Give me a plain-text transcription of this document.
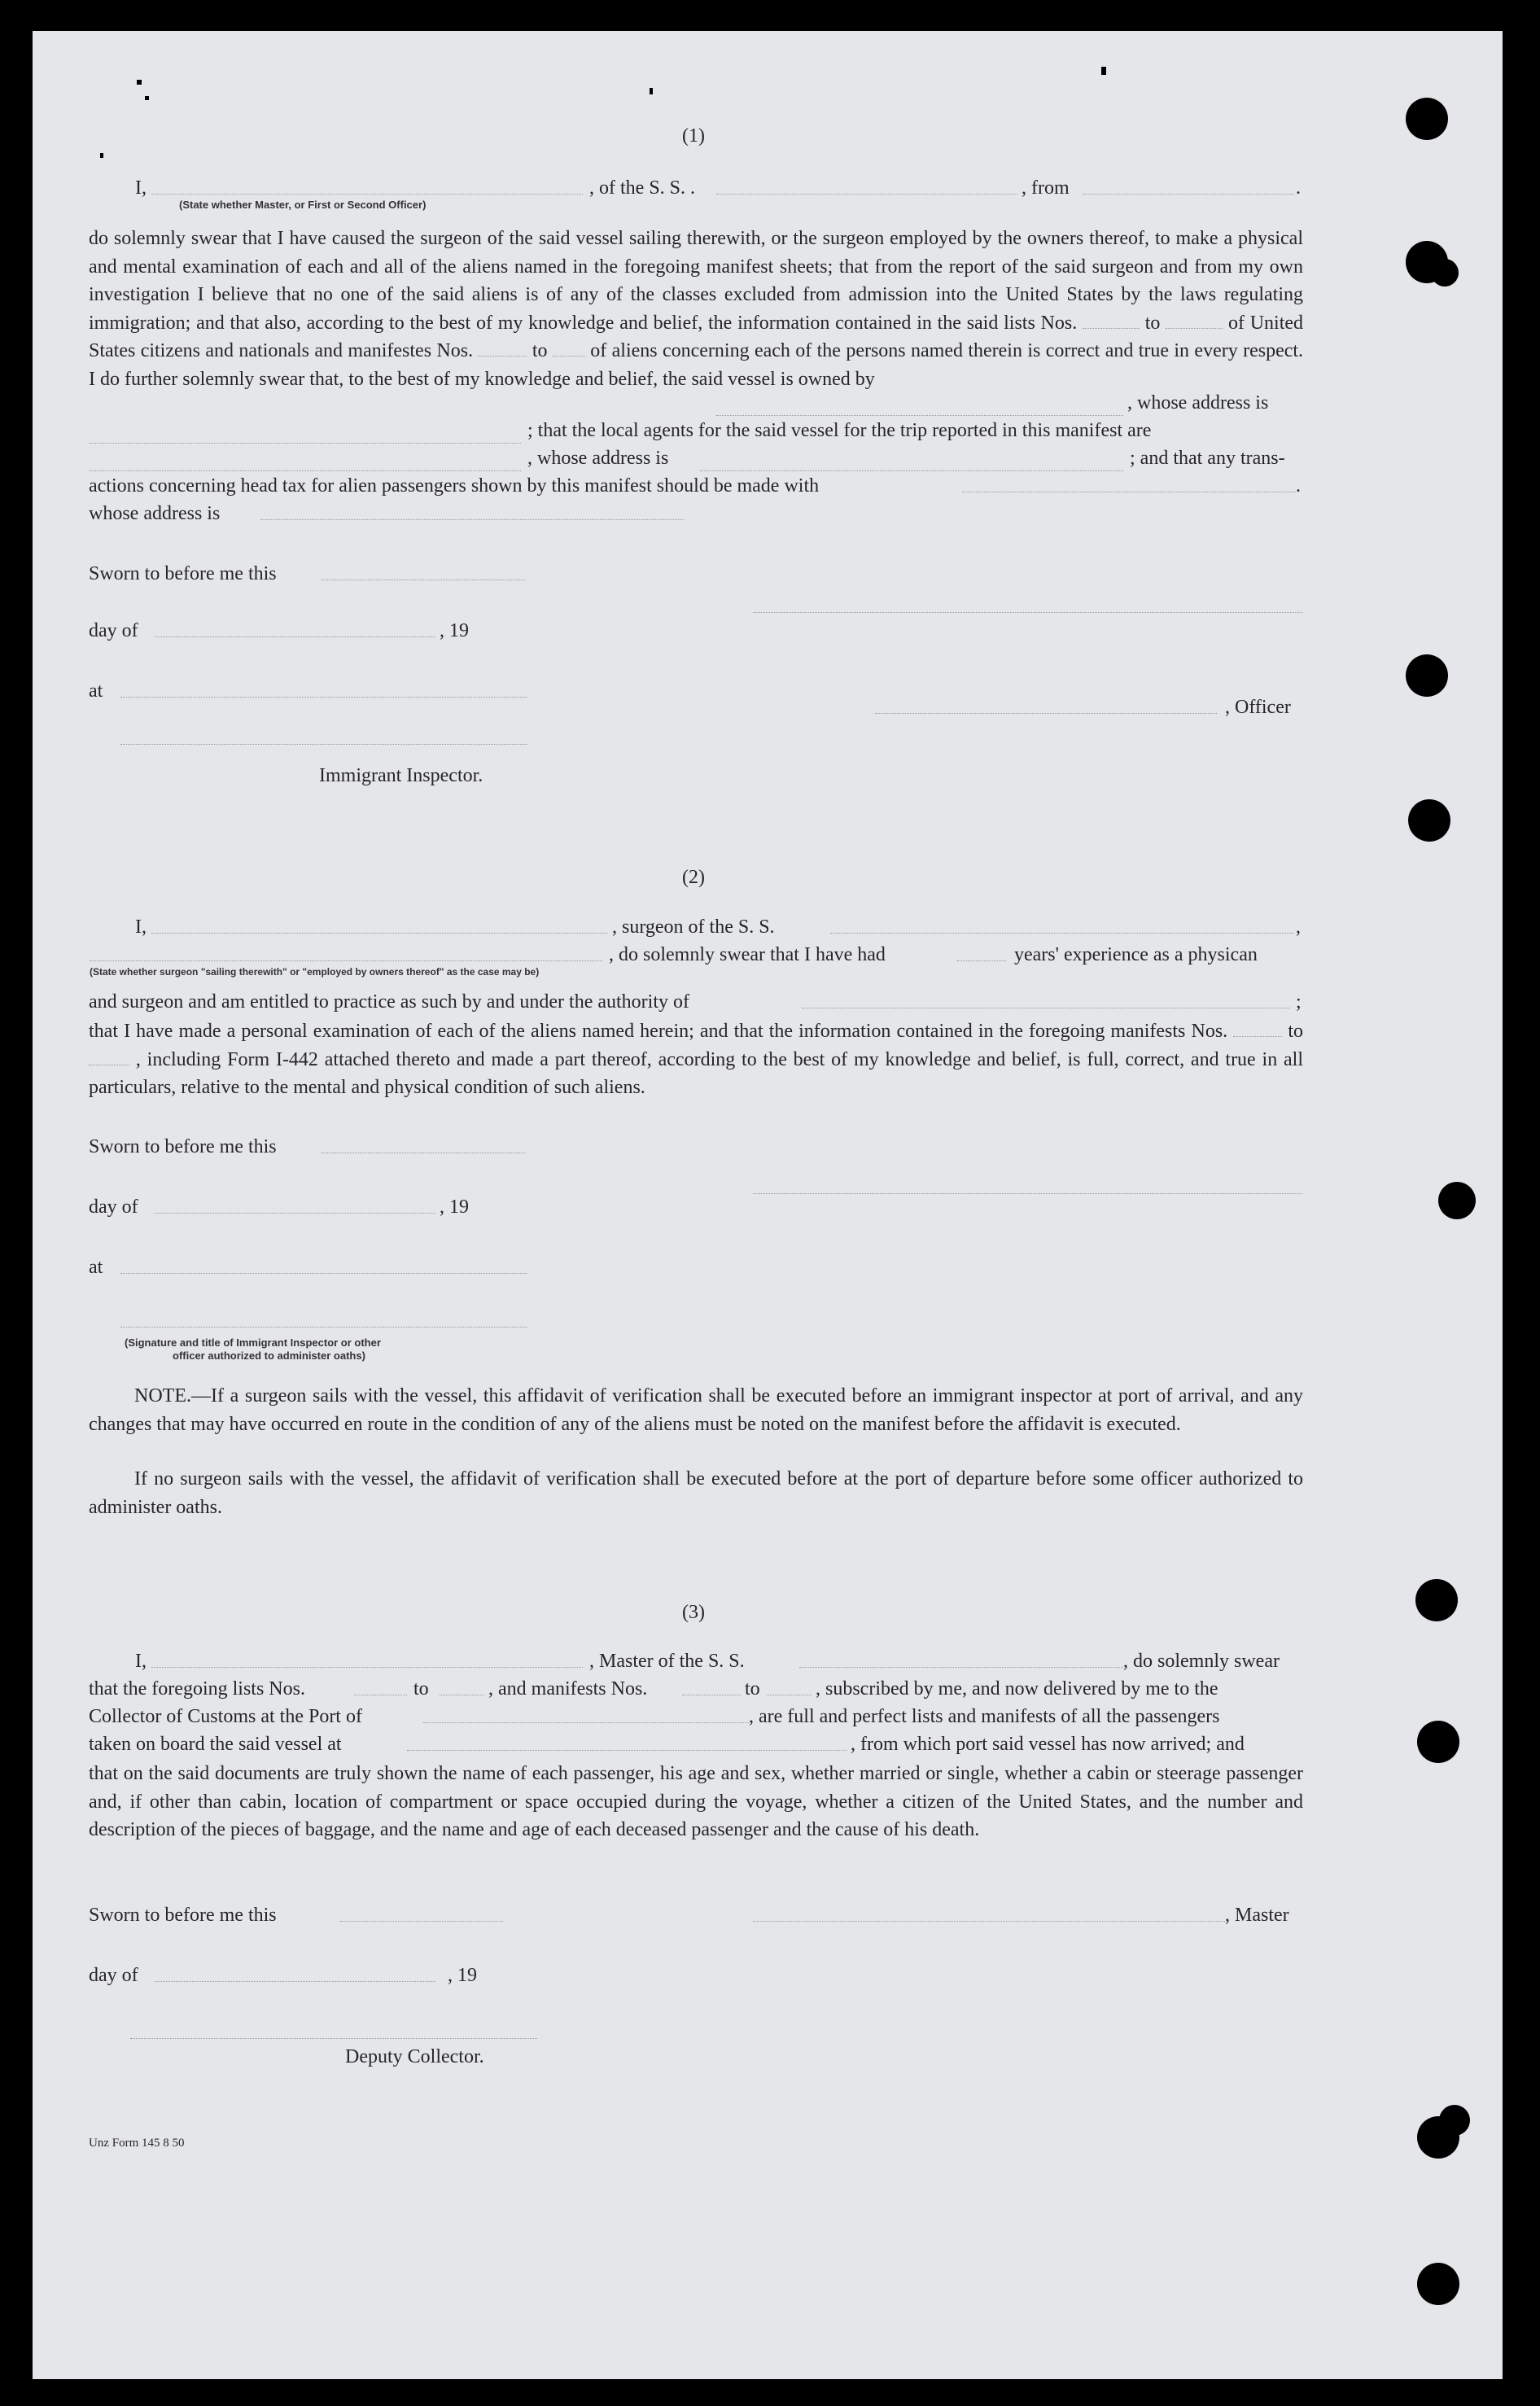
(1)
I,	, of the S. S. .	, from	.
(State whether Master, or First or Second Officer)
do solemnly swear that I have caused the surgeon of the said vessel sailing therewith, or the surgeon employed by the owners thereof, to make a physical and mental examination of each and all of the aliens named in the foregoing manifest sheets; that from the report of the said surgeon and from my own investigation I believe that no one of the said aliens is of any of the classes excluded from admission into the United States by the laws regulating immigration; and that also, according to the best of my knowledge and belief, the information contained in the said lists Nos.	to	of United States citizens and nationals and manifestes Nos.	to of aliens concerning each of the persons named therein is correct and true in every respect. I do further solemnly swear that, to the best of my knowledge and belief, the said vessel is owned by
, whose address is
; that the local agents for the said vessel for the trip reported in this manifest are
, whose address is	; and that any trans-
actions concerning head tax for alien passengers shown by this manifest should be made with	.
whose address is
Sworn to before me this
day of	, 19
at
, Officer
Immigrant Inspector.
(2)
I,	, surgeon of the S. S.	,
, do solemnly swear that I have had	years' experience as a physican
(State whether surgeon "sailing therewith" or "employed by owners thereof" as the case may be)
and surgeon and am entitled to practice as such by and under the authority of	;
that I have made a personal examination of each of the aliens named herein; and that the information contained in the foregoing manifests Nos.	to  , including Form I-442 attached thereto and made a part thereof, according to the best of my knowledge and belief, is full, correct, and true in all particulars, relative to the mental and physical condition of such aliens.
Sworn to before me this
day of	, 19
at
(Signature and title of Immigrant Inspector or other
officer authorized to administer oaths)
NOTE.—If a surgeon sails with the vessel, this affidavit of verification shall be executed before an immigrant inspector at port of arrival, and any changes that may have occurred en route in the condition of any of the aliens must be noted on the manifest before the affidavit is executed.
If no surgeon sails with the vessel, the affidavit of verification shall be executed before at the port of departure before some officer authorized to administer oaths.
(3)
I,	, Master of the S. S.	, do solemnly swear
that the foregoing lists Nos.	to	, and manifests Nos.	to	, subscribed by me, and now delivered by me to the
Collector of Customs at the Port of	, are full and perfect lists and manifests of all the passengers
taken on board the said vessel at	, from which port said vessel has now arrived; and
that on the said documents are truly shown the name of each passenger, his age and sex, whether married or single, whether a cabin or steerage passenger and, if other than cabin, location of compartment or space occupied during the voyage, whether a citizen of the United States, and the number and description of the pieces of baggage, and the name and age of each deceased passenger and the cause of his death.
Sworn to before me this	, Master
day of	, 19
Deputy Collector.
Unz Form 145 8 50
